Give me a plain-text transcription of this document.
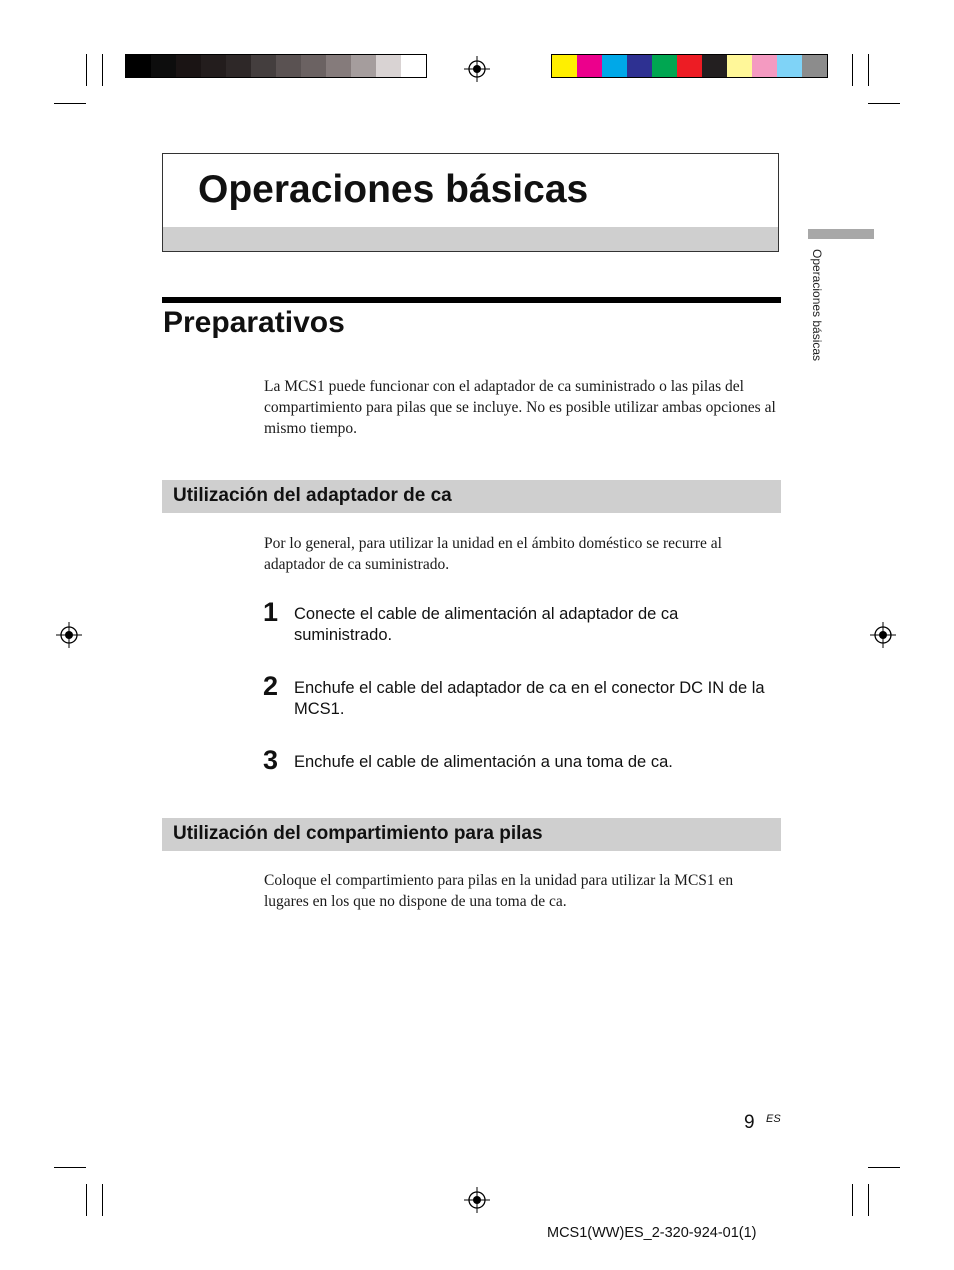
Operaciones básicas
Operaciones básicas
Preparativos

La MCS1 puede funcionar con el adaptador de ca suministrado o las pilas del compartimiento para pilas que se incluye. No es posible utilizar ambas opciones al mismo tiempo.

Utilización del adaptador de ca

Por lo general, para utilizar la unidad en el ámbito doméstico se recurre al adaptador de ca suministrado.

1 Conecte el cable de alimentación al adaptador de ca suministrado.

2 Enchufe el cable del adaptador de ca en el conector DC IN de la MCS1.

3 Enchufe el cable de alimentación a una toma de ca.

Utilización del compartimiento para pilas

Coloque el compartimiento para pilas en la unidad para utilizar la MCS1 en lugares en los que no dispone de una toma de ca.

9 ES
MCS1(WW)ES_2-320-924-01(1)
